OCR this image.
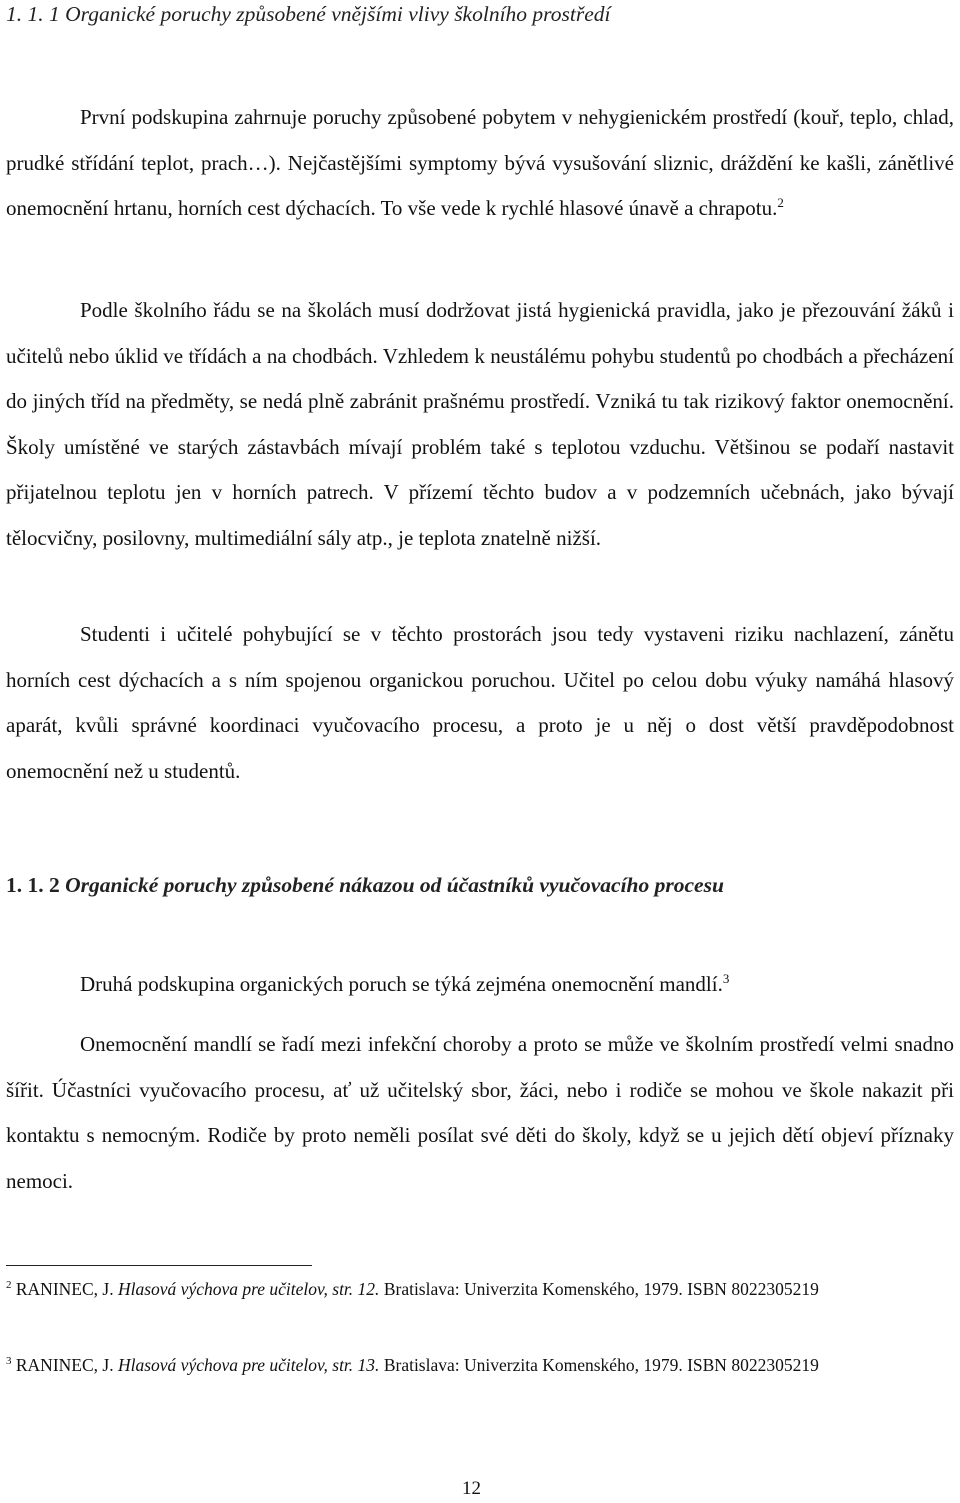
1. 1. 1 Organické poruchy způsobené vnějšími vlivy školního prostředí

První podskupina zahrnuje poruchy způsobené pobytem v nehygienickém prostředí (kouř, teplo, chlad, prudké střídání teplot, prach…). Nejčastějšími symptomy bývá vysušování sliznic, dráždění ke kašli, zánětlivé onemocnění hrtanu, horních cest dýchacích. To vše vede k rychlé hlasové únavě a chrapotu.$^2$

Podle školního řádu se na školách musí dodržovat jistá hygienická pravidla, jako je přezouvání žáků i učitelů nebo úklid ve třídách a na chodbách. Vzhledem k neustálému pohybu studentů po chodbách a přecházení do jiných tříd na předměty, se nedá plně zabránit prašnému prostředí. Vzniká tu tak rizikový faktor onemocnění. Školy umístěné ve starých zástavbách mívají problém také s teplotou vzduchu. Většinou se podaří nastavit přijatelnou teplotu jen v horních patrech. V přízemí těchto budov a v podzemních učebnách, jako bývají tělocvičny, posilovny, multimediální sály atp., je teplota znatelně nižší.

Studenti i učitelé pohybující se v těchto prostorách jsou tedy vystaveni riziku nachlazení, zánětu horních cest dýchacích a s ním spojenou organickou poruchou. Učitel po celou dobu výuky namáhá hlasový aparát, kvůli správné koordinaci vyučovacího procesu, a proto je u něj o dost větší pravděpodobnost onemocnění než u studentů.

1. 1. 2 Organické poruchy způsobené nákazou od účastníků vyučovacího procesu

Druhá podskupina organických poruch se týká zejména onemocnění mandlí.$^3$

Onemocnění mandlí se řadí mezi infekční choroby a proto se může ve školním prostředí velmi snadno šířit. Účastníci vyučovacího procesu, ať už učitelský sbor, žáci, nebo i rodiče se mohou ve škole nakazit při kontaktu s nemocným. Rodiče by proto neměli posílat své děti do školy, když se u jejich dětí objeví příznaky nemoci.

$^2$ RANINEC, J. Hlasová výchova pre učitelov, str. 12. Bratislava: Univerzita Komenského, 1979. ISBN 8022305219

$^3$ RANINEC, J. Hlasová výchova pre učitelov, str. 13. Bratislava: Univerzita Komenského, 1979. ISBN 8022305219

12
